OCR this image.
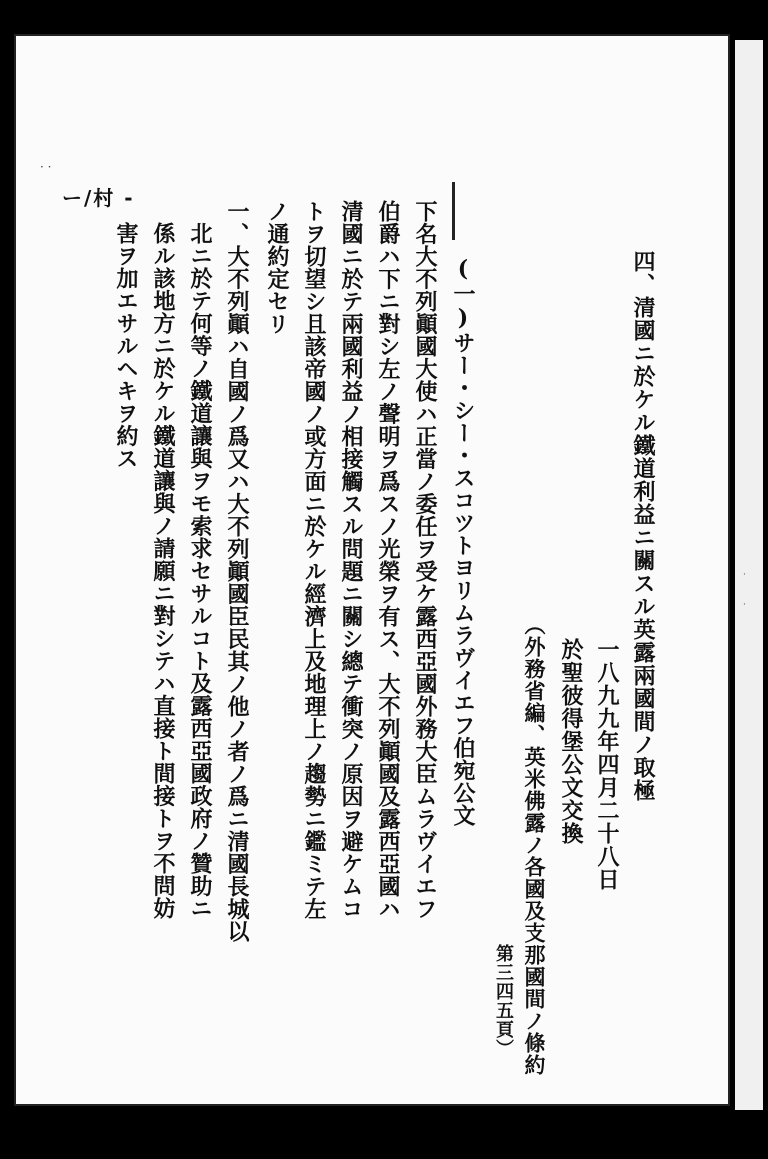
· ·
ー/村 -
四、清國ニ於ケル鐵道利益ニ關スル英露兩國間ノ取極
一八九九年四月二十八日
於聖彼得堡公文交換
（外務省編、英米佛露ノ各國及支那國間ノ條約
第三四五頁）
(一)サー・シー・スコツトヨリムラヴイエフ伯宛公文
下名大不列顚國大使ハ正當ノ委任ヲ受ケ露西亞國外務大臣ムラヴイエフ
伯爵ハ下ニ對シ左ノ聲明ヲ爲スノ光榮ヲ有ス、大不列顚國及露西亞國ハ
清國ニ於テ兩國利益ノ相接觸スル問題ニ關シ總テ衝突ノ原因ヲ避ケムコ
トヲ切望シ且該帝國ノ或方面ニ於ケル經濟上及地理上ノ趨勢ニ鑑ミテ左
ノ通約定セリ
一、大不列顚ハ自國ノ爲又ハ大不列顚國臣民其ノ他ノ者ノ爲ニ清國長城以
北ニ於テ何等ノ鐵道讓與ヲモ索求セサルコト及露西亞國政府ノ贊助ニ
係ル該地方ニ於ケル鐵道讓與ノ請願ニ對シテハ直接ト間接トヲ不問妨
害ヲ加エサルヘキヲ約ス
·
·
